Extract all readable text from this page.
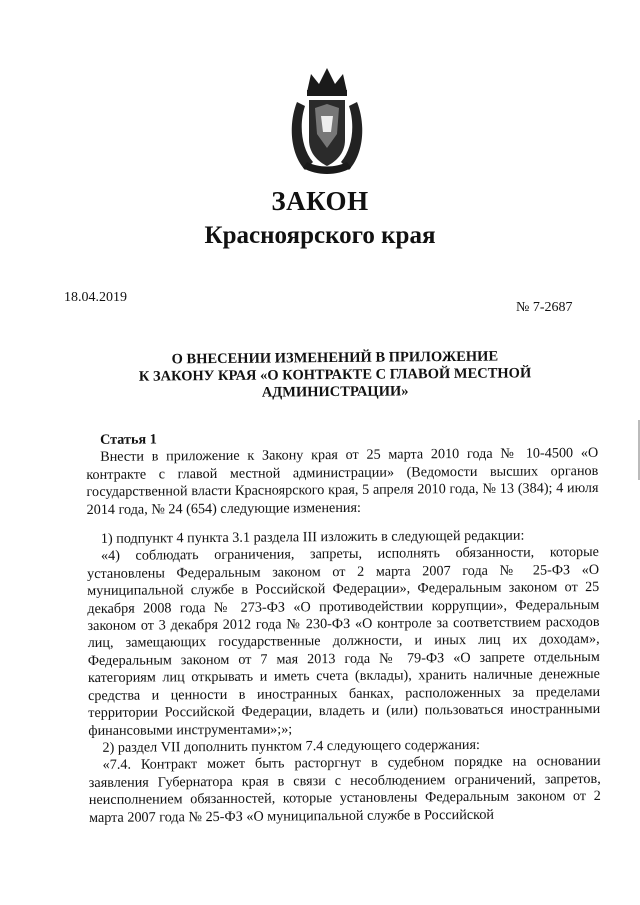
ЗАКОН
Красноярского края
18.04.2019
№ 7-2687
О ВНЕСЕНИИ ИЗМЕНЕНИЙ В ПРИЛОЖЕНИЕ
К ЗАКОНУ КРАЯ «О КОНТРАКТЕ С ГЛАВОЙ МЕСТНОЙ
АДМИНИСТРАЦИИ»

Статья 1

Внести в приложение к Закону края от 25 марта 2010 года № 10-4500 «О контракте с главой местной администрации» (Ведомости высших органов государственной власти Красноярского края, 5 апреля 2010 года, № 13 (384); 4 июля 2014 года, № 24 (654) следующие изменения:

1) подпункт 4 пункта 3.1 раздела III изложить в следующей редакции:

«4) соблюдать ограничения, запреты, исполнять обязанности, которые установлены Федеральным законом от 2 марта 2007 года № 25-ФЗ «О муниципальной службе в Российской Федерации», Федеральным законом от 25 декабря 2008 года № 273-ФЗ «О противодействии коррупции», Федеральным законом от 3 декабря 2012 года № 230-ФЗ «О контроле за соответствием расходов лиц, замещающих государственные должности, и иных лиц их доходам», Федеральным законом от 7 мая 2013 года № 79-ФЗ «О запрете отдельным категориям лиц открывать и иметь счета (вклады), хранить наличные денежные средства и ценности в иностранных банках, расположенных за пределами территории Российской Федерации, владеть и (или) пользоваться иностранными финансовыми инструментами»;»;

2) раздел VII дополнить пунктом 7.4 следующего содержания:

«7.4. Контракт может быть расторгнут в судебном порядке на основании заявления Губернатора края в связи с несоблюдением ограничений, запретов, неисполнением обязанностей, которые установлены Федеральным законом от 2 марта 2007 года № 25-ФЗ «О муниципальной службе в Российской
